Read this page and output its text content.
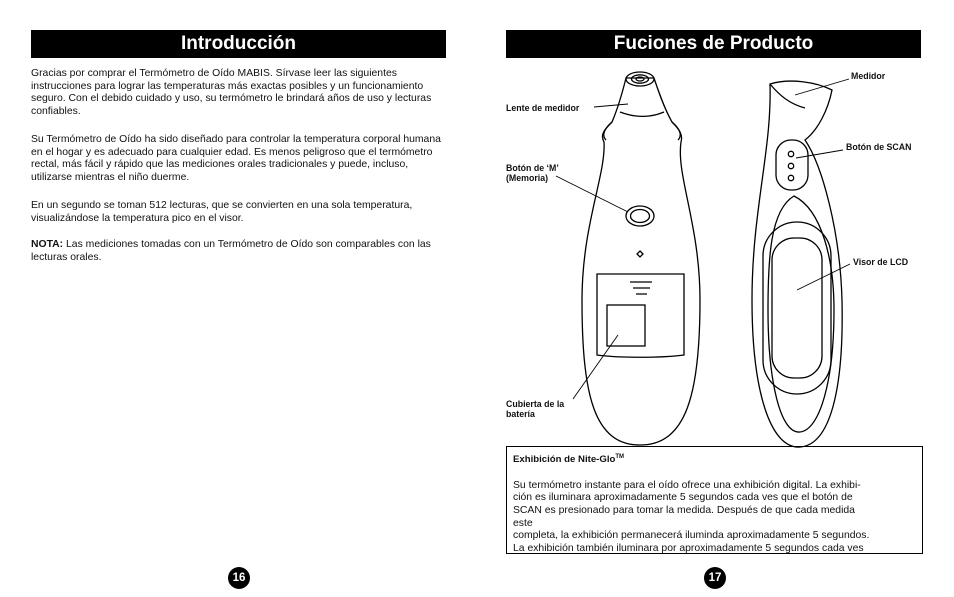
Introducción

Gracias por comprar el Termómetro de Oído MABIS. Sírvase leer las siguientes instrucciones para lograr las temperaturas más exactas posibles y un funcionamiento seguro. Con el debido cuidado y uso, su termómetro le brindará años de uso y lecturas confiables.

Su Termómetro de Oído ha sido diseñado para controlar la temperatura corporal humana en el hogar y es adecuado para cualquier edad. Es menos peligroso que el termómetro rectal, más fácil y rápido que las mediciones orales tradicionales y puede, incluso, utilizarse mientras el niño duerme.

En un segundo se toman 512 lecturas, que se convierten en una sola temperatura, visualizándose la temperatura pico en el visor.

NOTA: Las mediciones tomadas con un Termómetro de Oído son comparables con las lecturas orales.

16
Fuciones de Producto
Lente de medidor
Botón de ‘M’
(Memoria)
Cubierta de la
batería
Medidor
Botón de SCAN
Visor de LCD
Exhibición de Nite-Glo™
Su termómetro instante para el oído ofrece una exhibición digital. La exhibi-
ción es iluminara aproximadamente 5 segundos cada ves que el botón de
SCAN es presionado para tomar la medida. Después de que cada medida
este
completa, la exhibición permanecerá iluminda aproximadamente 5 segundos.
La exhibición también iluminara por aproximadamente 5 segundos cada ves
17
